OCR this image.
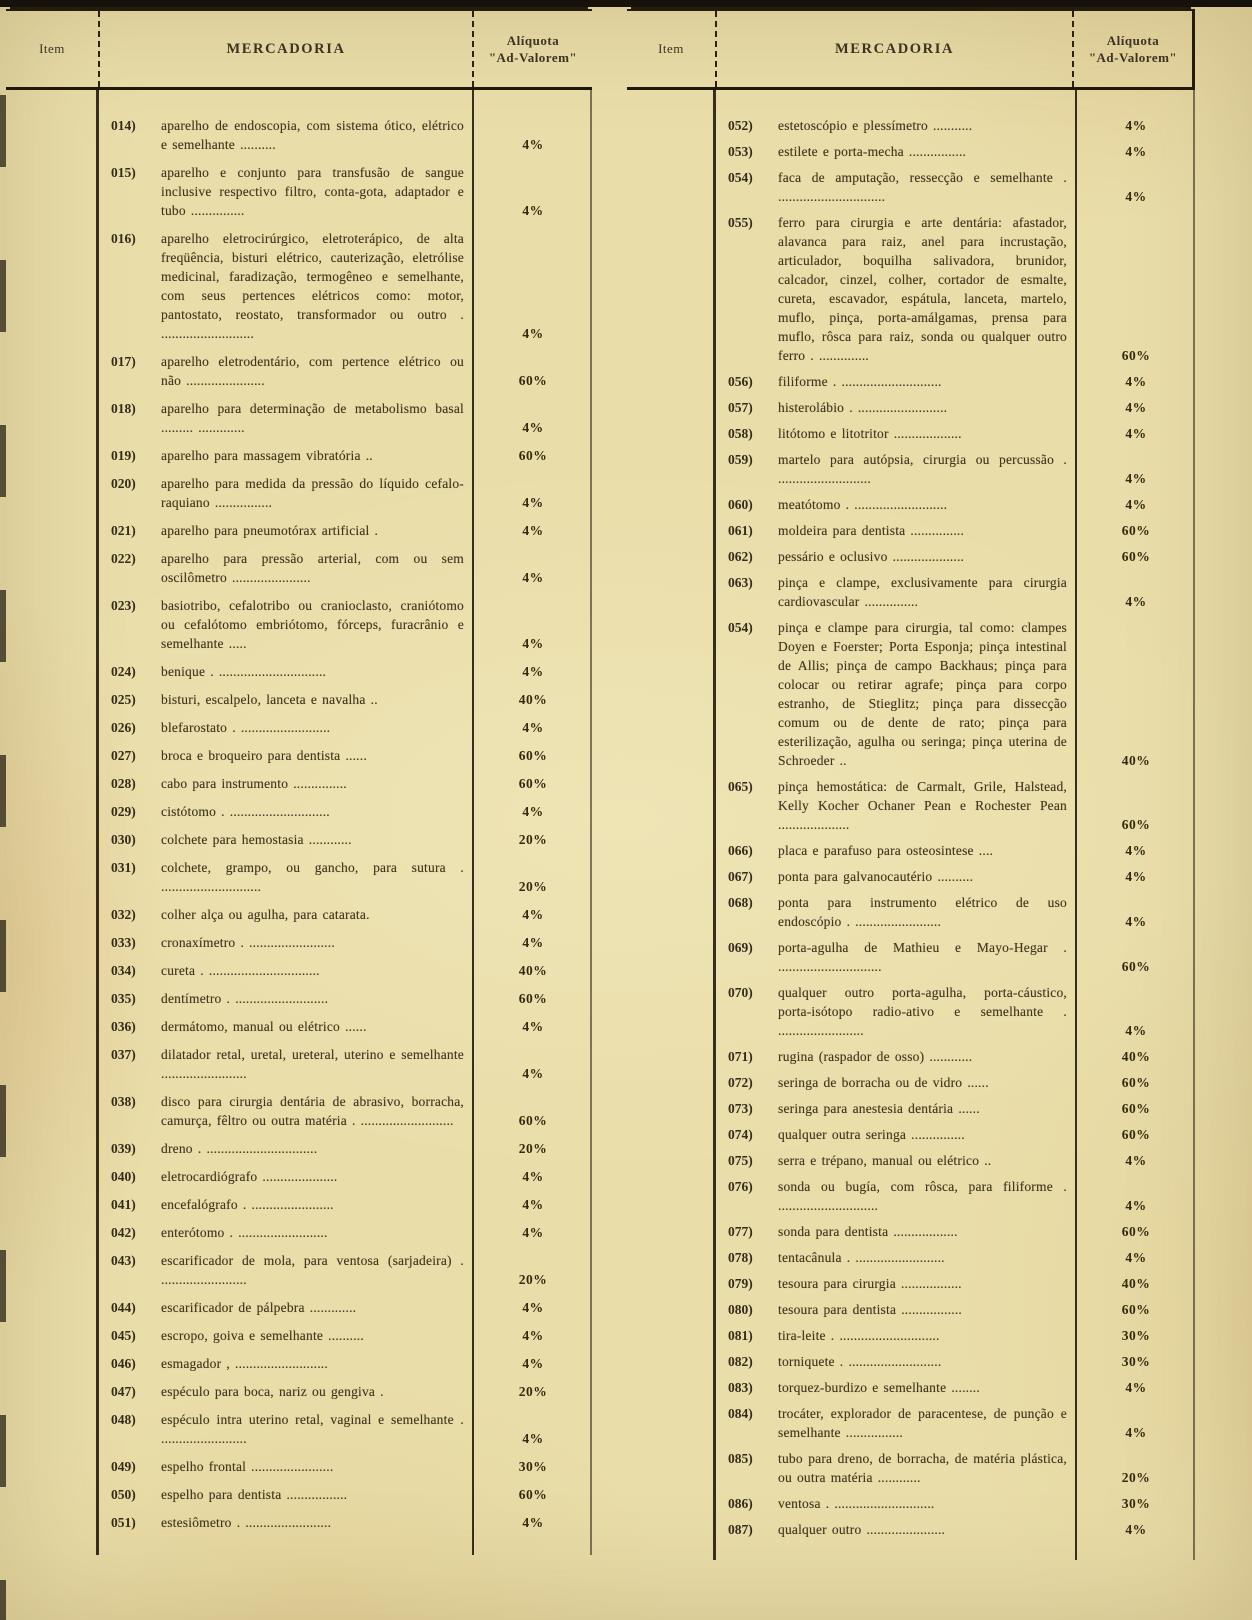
Item	MERCADORIA	Alíquota
"Ad-Valorem"
014)	aparelho de endoscopia, com sistema ótico, elétrico e semelhante ..........	4%
015)	aparelho e conjunto para transfusão de sangue inclusive respectivo filtro, conta-gota, adaptador e tubo ...............	4%
016)	aparelho eletrocirúrgico, eletroterápico, de alta freqüência, bisturi elétrico, cauterização, eletrólise medicinal, faradização, termogêneo e semelhante, com seus pertences elétricos como: motor, pantostato, reostato, transformador ou outro . ..........................	4%
017)	aparelho eletrodentário, com pertence elétrico ou não ......................	60%
018)	aparelho para determinação de metabolismo basal ......... .............	4%
019)	aparelho para massagem vibratória ..	60%
020)	aparelho para medida da pressão do líquido cefalo-raquiano ................	4%
021)	aparelho para pneumotórax artificial .	4%
022)	aparelho para pressão arterial, com ou sem oscilômetro ......................	4%
023)	basiotribo, cefalotribo ou cranioclasto, craniótomo ou cefalótomo embriótomo, fórceps, furacrânio e semelhante .....	4%
024)	benique . ..............................	4%
025)	bisturi, escalpelo, lanceta e navalha ..	40%
026)	blefarostato . .........................	4%
027)	broca e broqueiro para dentista ......	60%
028)	cabo para instrumento ...............	60%
029)	cistótomo . ............................	4%
030)	colchete para hemostasia ............	20%
031)	colchete, grampo, ou gancho, para sutura . ............................	20%
032)	colher alça ou agulha, para catarata.	4%
033)	cronaxímetro . ........................	4%
034)	cureta . ...............................	40%
035)	dentímetro . ..........................	60%
036)	dermátomo, manual ou elétrico ......	4%
037)	dilatador retal, uretal, ureteral, uterino e semelhante ........................	4%
038)	disco para cirurgia dentária de abrasivo, borracha, camurça, fêltro ou outra matéria . ..........................	60%
039)	dreno . ...............................	20%
040)	eletrocardiógrafo .....................	4%
041)	encefalógrafo . .......................	4%
042)	enterótomo . .........................	4%
043)	escarificador de mola, para ventosa (sarjadeira) . ........................	20%
044)	escarificador de pálpebra .............	4%
045)	escropo, goiva e semelhante ..........	4%
046)	esmagador , ..........................	4%
047)	espéculo para boca, nariz ou gengiva .	20%
048)	espéculo intra uterino retal, vaginal e semelhante . ........................	4%
049)	espelho frontal .......................	30%
050)	espelho para dentista .................	60%
051)	estesiômetro . ........................	4%
Item	MERCADORIA	Alíquota
"Ad-Valorem"
052)	estetoscópio e plessímetro ...........	4%
053)	estilete e porta-mecha ................	4%
054)	faca de amputação, ressecção e semelhante . ..............................	4%
055)	ferro para cirurgia e arte dentária: afastador, alavanca para raiz, anel para incrustação, articulador, boquilha salivadora, brunidor, calcador, cinzel, colher, cortador de esmalte, cureta, escavador, espátula, lanceta, martelo, muflo, pinça, porta-amálgamas, prensa para muflo, rôsca para raiz, sonda ou qualquer outro ferro . ..............	60%
056)	filiforme . ............................	4%
057)	histerolábio . .........................	4%
058)	litótomo e litotritor ...................	4%
059)	martelo para autópsia, cirurgia ou percussão . ..........................	4%
060)	meatótomo . ..........................	4%
061)	moldeira para dentista ...............	60%
062)	pessário e oclusivo ....................	60%
063)	pinça e clampe, exclusivamente para cirurgia cardiovascular ...............	4%
054)	pinça e clampe para cirurgia, tal como: clampes Doyen e Foerster; Porta Esponja; pinça intestinal de Allis; pinça de campo Backhaus; pinça para colocar ou retirar agrafe; pinça para corpo estranho, de Stieglitz; pinça para dissecção comum ou de dente de rato; pinça para esterilização, agulha ou seringa; pinça uterina de Schroeder ..	40%
065)	pinça hemostática: de Carmalt, Grile, Halstead, Kelly Kocher Ochaner Pean e Rochester Pean ....................	60%
066)	placa e parafuso para osteosintese ....	4%
067)	ponta para galvanocautério ..........	4%
068)	ponta para instrumento elétrico de uso endoscópio . ........................	4%
069)	porta-agulha de Mathieu e Mayo-Hegar . .............................	60%
070)	qualquer outro porta-agulha, porta-cáustico, porta-isótopo radio-ativo e semelhante . ........................	4%
071)	rugina (raspador de osso) ............	40%
072)	seringa de borracha ou de vidro ......	60%
073)	seringa para anestesia dentária ......	60%
074)	qualquer outra seringa ...............	60%
075)	serra e trépano, manual ou elétrico ..	4%
076)	sonda ou bugía, com rôsca, para filiforme . ............................	4%
077)	sonda para dentista ..................	60%
078)	tentacânula . .........................	4%
079)	tesoura para cirurgia .................	40%
080)	tesoura para dentista .................	60%
081)	tira-leite . ............................	30%
082)	torniquete . ..........................	30%
083)	torquez-burdizo e semelhante ........	4%
084)	trocáter, explorador de paracentese, de punção e semelhante ................	4%
085)	tubo para dreno, de borracha, de matéria plástica, ou outra matéria ............	20%
086)	ventosa . ............................	30%
087)	qualquer outro ......................	4%
